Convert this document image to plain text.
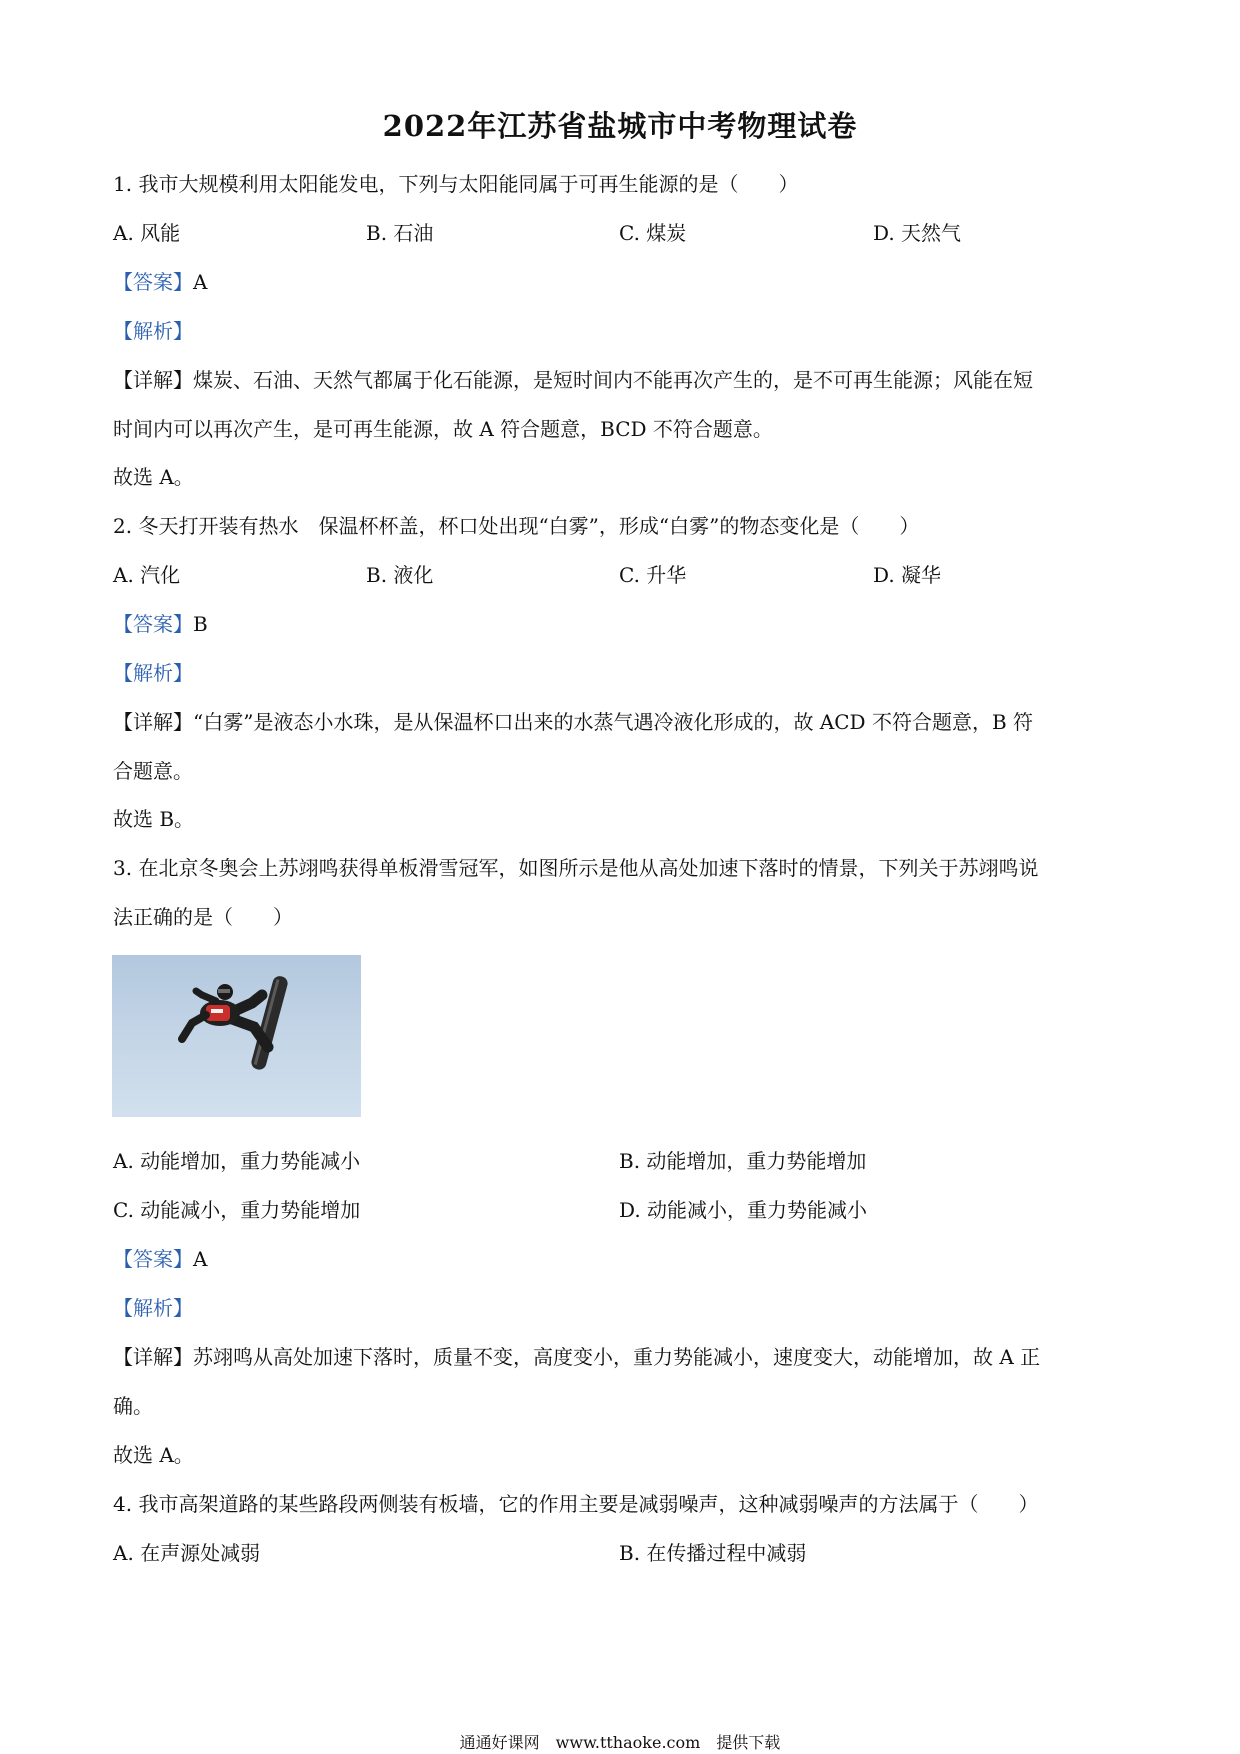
2022年江苏省盐城市中考物理试卷
1. 我市大规模利用太阳能发电，下列与太阳能同属于可再生能源的是（　　）
A. 风能	B. 石油	C. 煤炭	D. 天然气
【答案】A
【解析】
【详解】煤炭、石油、天然气都属于化石能源，是短时间内不能再次产生的，是不可再生能源；风能在短
时间内可以再次产生，是可再生能源，故 A 符合题意，BCD 不符合题意。
故选 A。
2. 冬天打开装有热水　保温杯杯盖，杯口处出现“白雾”，形成“白雾”的物态变化是（　　）
A. 汽化	B. 液化	C. 升华	D. 凝华
【答案】B
【解析】
【详解】“白雾”是液态小水珠，是从保温杯口出来的水蒸气遇冷液化形成的，故 ACD 不符合题意，B 符
合题意。
故选 B。
3. 在北京冬奥会上苏翊鸣获得单板滑雪冠军，如图所示是他从高处加速下落时的情景，下列关于苏翊鸣说
法正确的是（　　）
A. 动能增加，重力势能减小	B. 动能增加，重力势能增加
C. 动能减小，重力势能增加	D. 动能减小，重力势能减小
【答案】A
【解析】
【详解】苏翊鸣从高处加速下落时，质量不变，高度变小，重力势能减小，速度变大，动能增加，故 A 正
确。
故选 A。
4. 我市高架道路的某些路段两侧装有板墙，它的作用主要是减弱噪声，这种减弱噪声的方法属于（　　）
A. 在声源处减弱	B. 在传播过程中减弱
通通好课网　www.tthaoke.com　提供下载
